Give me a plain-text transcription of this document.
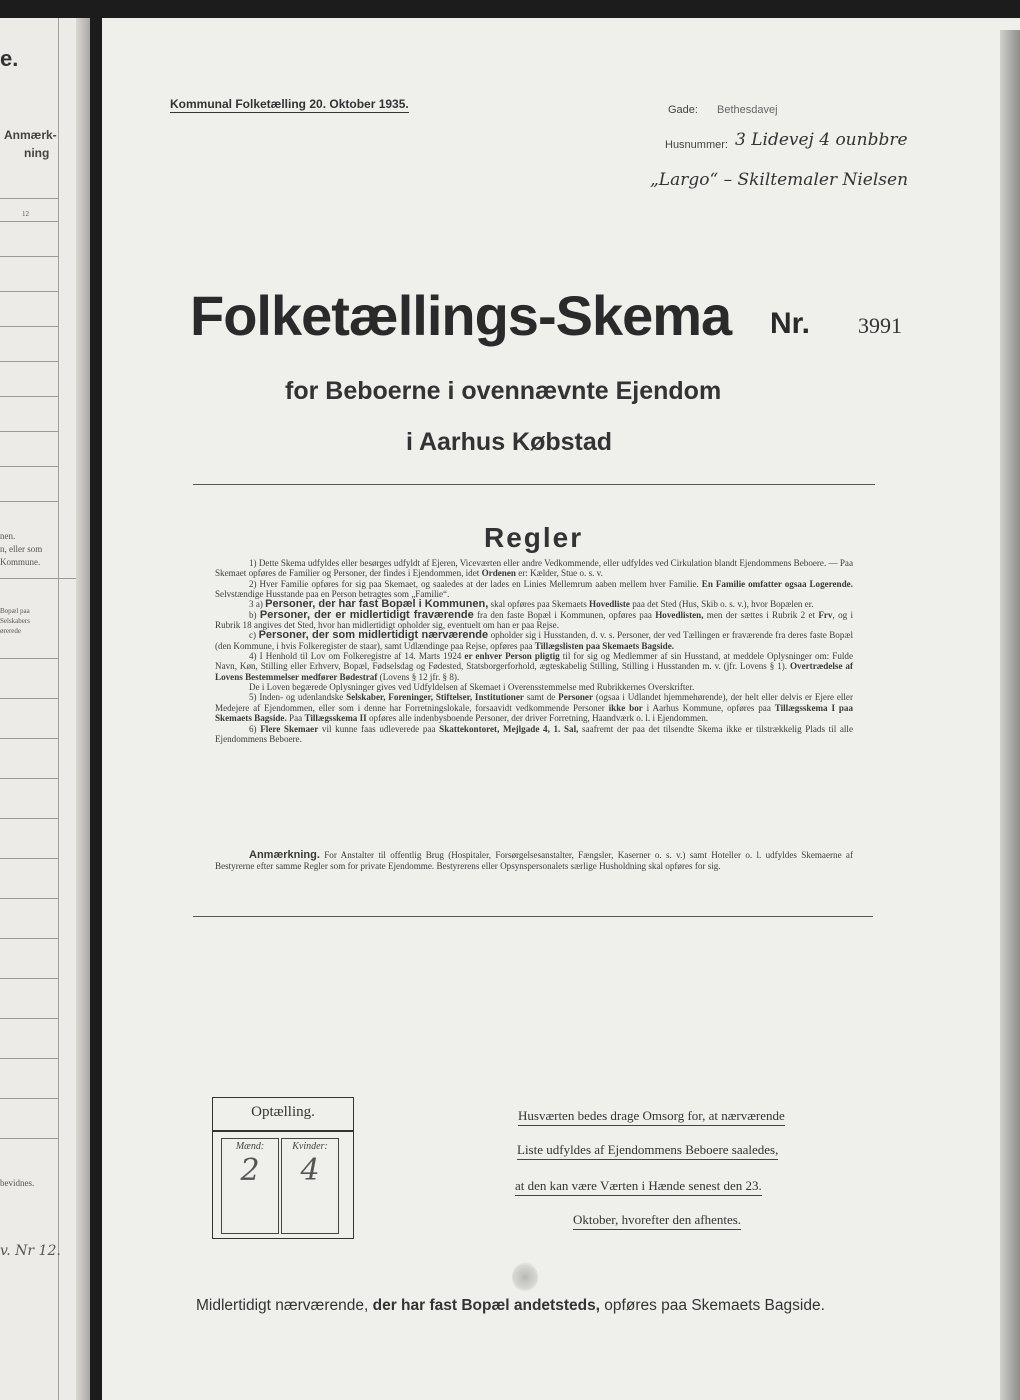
e.
Anmærk-
ning
12
nen.
n, eller som
Kommune.
Bopæl paa
Selskabers
ørerede
bevidnes.
v. Nr 12.
Kommunal Folketælling 20. Oktober 1935.	Gade: Bethesdavej
Husnummer: 3 Lidevej 4 ounbbre
„Largo“ – Skiltemaler Nielsen
Folketællings-Skema Nr. 3991
for Beboerne i ovennævnte Ejendom
i Aarhus Købstad
Regler

1) Dette Skema udfyldes eller besørges udfyldt af Ejeren, Viceværten eller andre Vedkommende, eller udfyldes ved Cirkulation blandt Ejendommens Beboere. — Paa Skemaet opføres de Familier og Personer, der findes i Ejendommen, idet Ordenen er: Kælder, Stue o. s. v.

2) Hver Familie opføres for sig paa Skemaet, og saaledes at der lades en Linies Mellemrum aaben mellem hver Familie. En Familie omfatter ogsaa Logerende. Selvstændige Husstande paa en Person betragtes som „Familie“.

3 a) Personer, der har fast Bopæl i Kommunen, skal opføres paa Skemaets Hovedliste paa det Sted (Hus, Skib o. s. v.), hvor Bopælen er.

b) Personer, der er midlertidigt fraværende fra den faste Bopæl i Kommunen, opføres paa Hovedlisten, men der sættes i Rubrik 2 et Frv, og i Rubrik 18 angives det Sted, hvor han midlertidigt opholder sig, eventuelt om han er paa Rejse.

c) Personer, der som midlertidigt nærværende opholder sig i Husstanden, d. v. s. Personer, der ved Tællingen er fraværende fra deres faste Bopæl (den Kommune, i hvis Folkeregister de staar), samt Udlændinge paa Rejse, opføres paa Tillægslisten paa Skemaets Bagside.

4) I Henhold til Lov om Folkeregistre af 14. Marts 1924 er enhver Person pligtig til for sig og Medlemmer af sin Husstand, at meddele Oplysninger om: Fulde Navn, Køn, Stilling eller Erhverv, Bopæl, Fødselsdag og Fødested, Statsborgerforhold, ægteskabelig Stilling, Stilling i Husstanden m. v. (jfr. Lovens § 1). Overtrædelse af Lovens Bestemmelser medfører Bødestraf (Lovens § 12 jfr. § 8).

De i Loven begærede Oplysninger gives ved Udfyldelsen af Skemaet i Overensstemmelse med Rubrikkernes Overskrifter.

5) Inden- og udenlandske Selskaber, Foreninger, Stiftelser, Institutioner samt de Personer (ogsaa i Udlandet hjemmehørende), der helt eller delvis er Ejere eller Medejere af Ejendommen, eller som i denne har Forretningslokale, forsaavidt vedkommende Personer ikke bor i Aarhus Kommune, opføres paa Tillægsskema I paa Skemaets Bagside. Paa Tillægsskema II opføres alle indenbysboende Personer, der driver Forretning, Haandværk o. l. i Ejendommen.

6) Flere Skemaer vil kunne faas udleverede paa Skattekontoret, Mejlgade 4, 1. Sal, saafremt der paa det tilsendte Skema ikke er tilstrækkelig Plads til alle Ejendommens Beboere.

Anmærkning. For Anstalter til offentlig Brug (Hospitaler, Forsørgelsesanstalter, Fængsler, Kaserner o. s. v.) samt Hoteller o. l. udfyldes Skemaerne af Bestyrerne efter samme Regler som for private Ejendomme. Bestyrerens eller Opsynspersonalets særlige Husholdning skal opføres for sig.

Optælling.
Mænd:
2
Kvinder:
4
Husværten bedes drage Omsorg for, at nærværende
Liste udfyldes af Ejendommens Beboere saaledes,
at den kan være Værten i Hænde senest den 23.
Oktober, hvorefter den afhentes.
Midlertidigt nærværende, der har fast Bopæl andetsteds, opføres paa Skemaets Bagside.
